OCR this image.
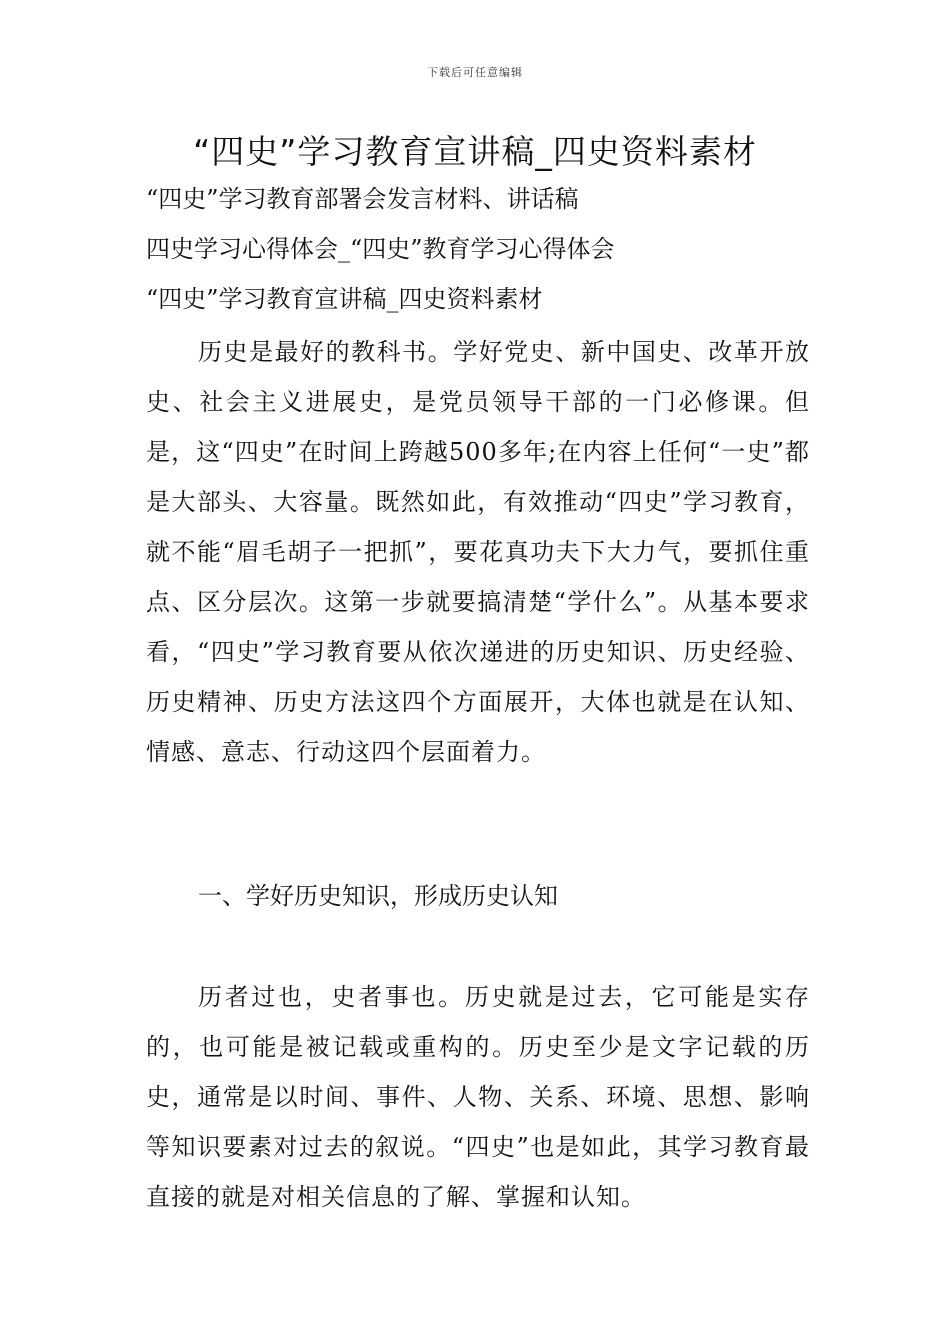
下载后可任意编辑
“四史”学习教育宣讲稿_四史资料素材
“四史”学习教育部署会发言材料、讲话稿
四史学习心得体会_“四史”教育学习心得体会
“四史”学习教育宣讲稿_四史资料素材
历史是最好的教科书。学好党史、新中国史、改革开放史、社会主义进展史，是党员领导干部的一门必修课。但是，这“四史”在时间上跨越500多年;在内容上任何“一史”都是大部头、大容量。既然如此，有效推动“四史”学习教育，就不能“眉毛胡子一把抓”，要花真功夫下大力气，要抓住重点、区分层次。这第一步就要搞清楚“学什么”。从基本要求看，“四史”学习教育要从依次递进的历史知识、历史经验、历史精神、历史方法这四个方面展开，大体也就是在认知、情感、意志、行动这四个层面着力。
一、学好历史知识，形成历史认知
历者过也，史者事也。历史就是过去，它可能是实存的，也可能是被记载或重构的。历史至少是文字记载的历史，通常是以时间、事件、人物、关系、环境、思想、影响等知识要素对过去的叙说。“四史”也是如此，其学习教育最直接的就是对相关信息的了解、掌握和认知。
